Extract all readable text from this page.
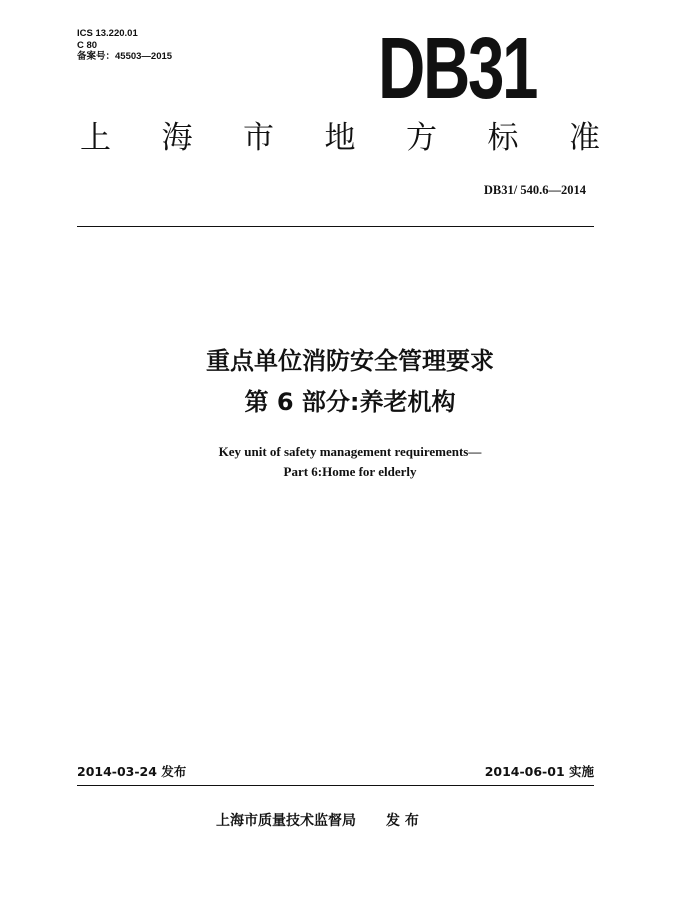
ICS 13.220.01
C 80
备案号：45503—2015 DB31
上 海 市 地 方 标 准
DB31/ 540.6—2014
重点单位消防安全管理要求
第 6 部分:养老机构
Key unit of safety management requirements—
Part 6:Home for elderly
2014-03-24 发布	2014-06-01 实施
上海市质量技术监督局 发 布
